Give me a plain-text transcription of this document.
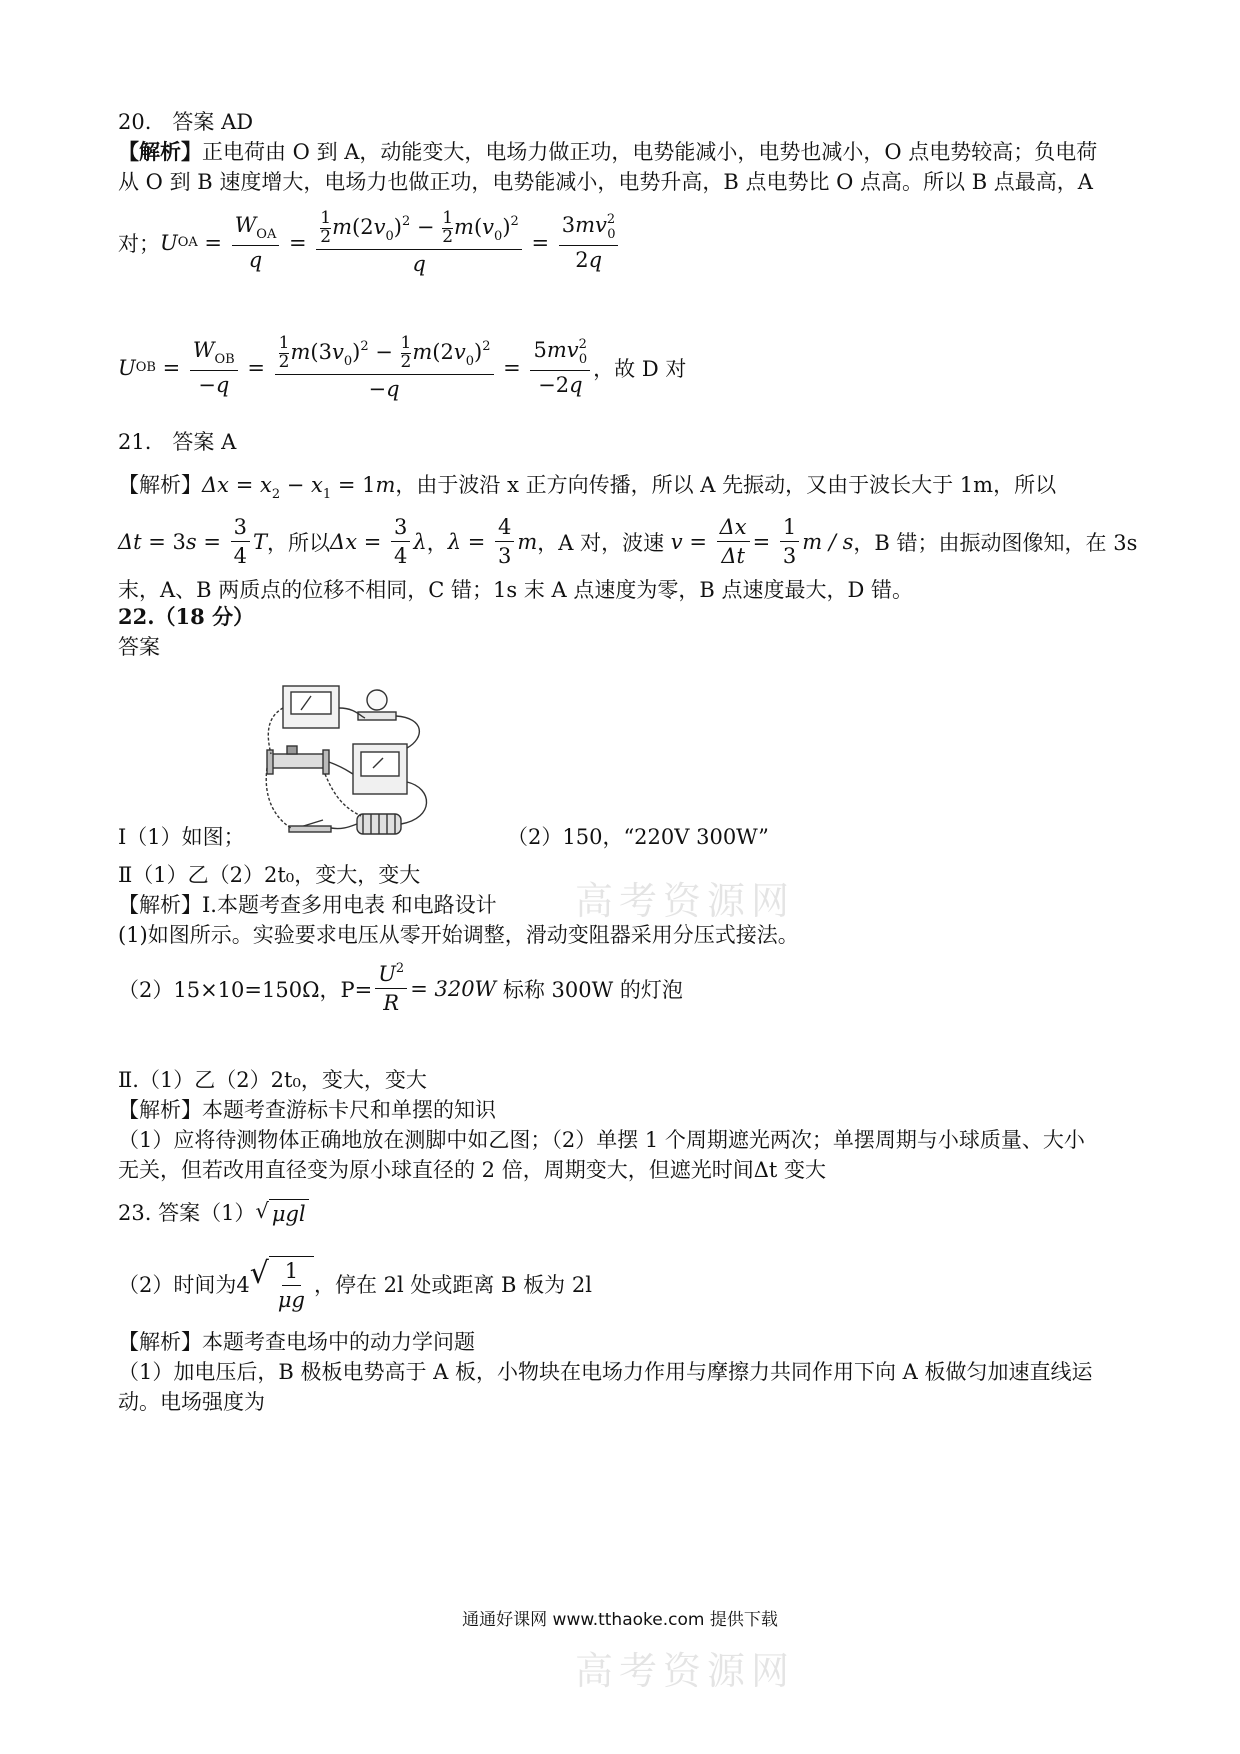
20.　答案 AD
【解析】正电荷由 O 到 A，动能变大，电场力做正功，电势能减小，电势也减小，O 点电势较高；负电荷
从 O 到 B 速度增大，电场力也做正功，电势能减小，电势升高，B 点电势比 O 点高。所以 B 点最高，A
对； U OA = $\frac{W_{OA}}{q} = \frac{\frac{1}{2} m(2v_0)^2 - \frac{1}{2} m(v_0)^2}{q} = \frac{3mv^2_0}{2q}$
U OB = $\frac{W_{OB}}{-q} = \frac{\frac{1}{2} m(3v_0)^2 - \frac{1}{2} m(2v_0)^2}{-q} = \frac{5mv^2_0}{-2q}$ ，故 D 对
21.　答案 A
【解析】$\Delta x = x_2 - x_1 = 1m$，由于波沿 x 正方向传播，所以 A 先振动，又由于波长大于 1m，所以
Δt = 3 $s = \frac{3}{4}$ T ，所以 $\Delta x = \frac{3}{4}$ λ ， $\lambda = \frac{4}{3}$ m ，A 对，波速
$v = \frac{\Delta x}{\Delta t} = \frac{1}{3}$ m / s ，B 错；由振动图像知，在 3s
末，A、B 两质点的位移不相同，C 错；1s 末 A 点速度为零，B 点速度最大，D 错。
22.（18 分）
答案
Ⅰ（1）如图；	（2）150，“220V 300W”
Ⅱ（1）乙（2）2t₀，变大，变大
【解析】Ⅰ.本题考查多用电表 和电路设计
(1)如图所示。实验要求电压从零开始调整，滑动变阻器采用分压式接法。
（2）15×10=150Ω，$P= \frac{U^2}{R} = 320W$
标称 300W 的灯泡
Ⅱ.（1）乙（2）2t₀，变大，变大
【解析】本题考查游标卡尺和单摆的知识
（1）应将待测物体正确地放在测脚中如乙图；（2）单摆 1 个周期遮光两次；单摆周期与小球质量、大小
无关，但若改用直径变为原小球直径的 2 倍，周期变大，但遮光时间Δt 变大
23. 答案（1） √ μgl
（2）时间为4 √ $\frac{1}{\mu g}$ ，停在 2l 处或距离 B 板为 2l
【解析】本题考查电场中的动力学问题
（1）加电压后，B 极板电势高于 A 板，小物块在电场力作用与摩擦力共同作用下向 A 板做匀加速直线运
动。电场强度为
高考资源网
高考资源网
通通好课网 www.tthaoke.com 提供下载
